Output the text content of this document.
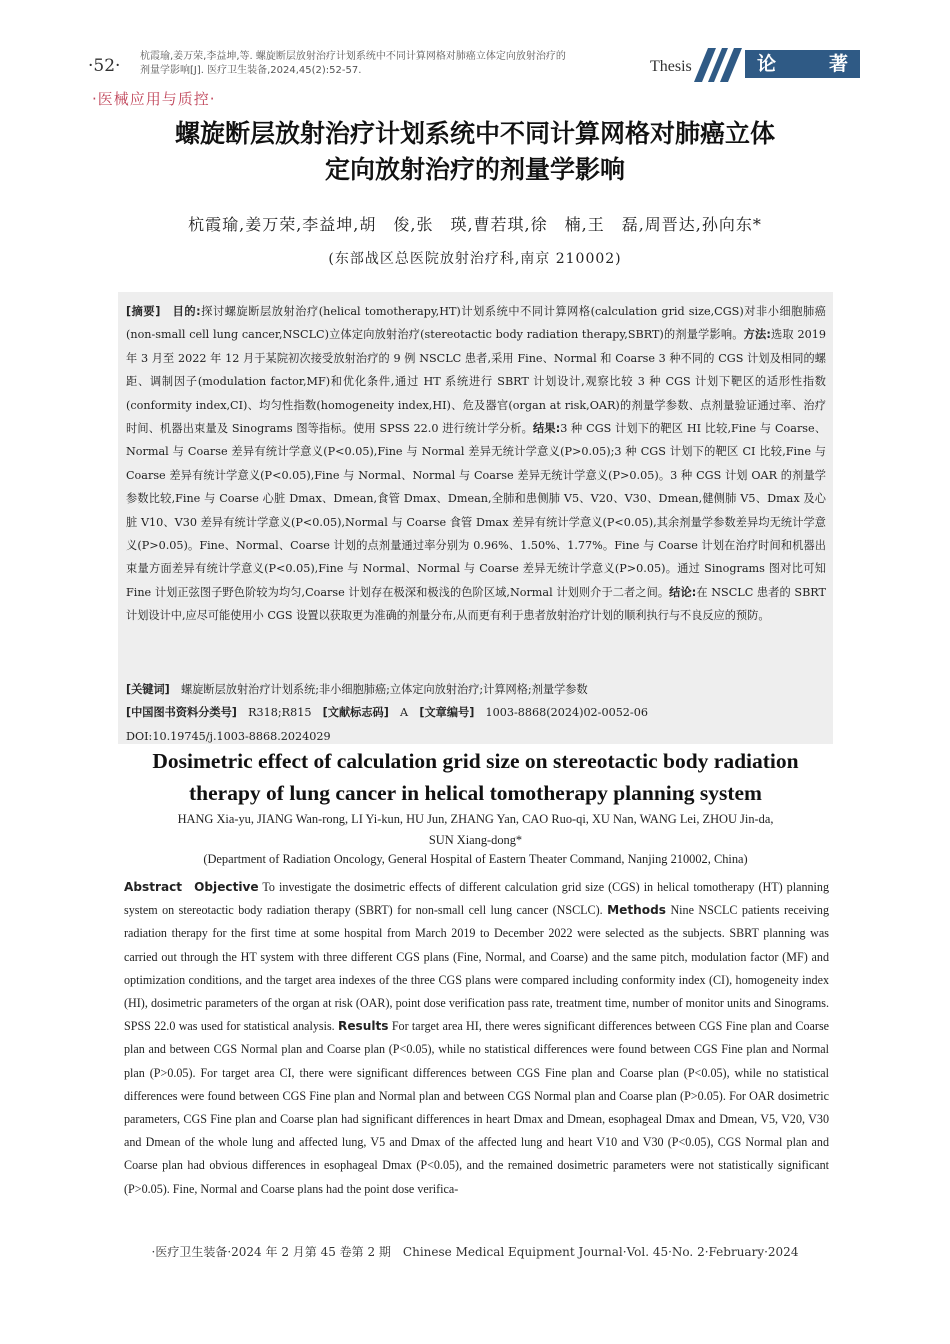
·52· 杭霞瑜,姜万荣,李益坤,等. 螺旋断层放射治疗计划系统中不同计算网格对肺癌立体定向放射治疗的
剂量学影响[J]. 医疗卫生装备,2024,45(2):52-57.	Thesis	论	著
·医械应用与质控·
螺旋断层放射治疗计划系统中不同计算网格对肺癌立体
定向放射治疗的剂量学影响
杭霞瑜,姜万荣,李益坤,胡　俊,张　瑛,曹若琪,徐　楠,王　磊,周晋达,孙向东*
(东部战区总医院放射治疗科,南京 210002)
[摘要]　 目的:探讨螺旋断层放射治疗(helical tomotherapy,HT)计划系统中不同计算网格(calculation grid size,CGS)对非小细胞肺癌(non-small cell lung cancer,NSCLC)立体定向放射治疗(stereotactic body radiation therapy,SBRT)的剂量学影响。方法:选取 2019 年 3 月至 2022 年 12 月于某院初次接受放射治疗的 9 例 NSCLC 患者,采用 Fine、Normal 和 Coarse 3 种不同的 CGS 计划及相同的螺距、调制因子(modulation factor,MF)和优化条件,通过 HT 系统进行 SBRT 计划设计,观察比较 3 种 CGS 计划下靶区的适形性指数(conformity index,CI)、均匀性指数(homogeneity index,HI)、危及器官(organ at risk,OAR)的剂量学参数、点剂量验证通过率、治疗时间、机器出束量及 Sinograms 图等指标。使用 SPSS 22.0 进行统计学分析。结果:3 种 CGS 计划下的靶区 HI 比较,Fine 与 Coarse、Normal 与 Coarse 差异有统计学意义(P<0.05),Fine 与 Normal 差异无统计学意义(P>0.05);3 种 CGS 计划下的靶区 CI 比较,Fine 与 Coarse 差异有统计学意义(P<0.05),Fine 与 Normal、Normal 与 Coarse 差异无统计学意义(P>0.05)。3 种 CGS 计划 OAR 的剂量学参数比较,Fine 与 Coarse 心脏 Dmax、Dmean,食管 Dmax、Dmean,全肺和患侧肺 V5、V20、V30、Dmean,健侧肺 V5、Dmax 及心脏 V10、V30 差异有统计学意义(P<0.05),Normal 与 Coarse 食管 Dmax 差异有统计学意义(P<0.05),其余剂量学参数差异均无统计学意义(P>0.05)。Fine、Normal、Coarse 计划的点剂量通过率分别为 0.96%、1.50%、1.77%。Fine 与 Coarse 计划在治疗时间和机器出束量方面差异有统计学意义(P<0.05),Fine 与 Normal、Normal 与 Coarse 差异无统计学意义(P>0.05)。通过 Sinograms 图对比可知 Fine 计划正弦图子野色阶较为均匀,Coarse 计划存在极深和极浅的色阶区域,Normal 计划则介于二者之间。结论:在 NSCLC 患者的 SBRT 计划设计中,应尽可能使用小 CGS 设置以获取更为准确的剂量分布,从而更有利于患者放射治疗计划的顺利执行与不良反应的预防。
[关键词]　 螺旋断层放射治疗计划系统;非小细胞肺癌;立体定向放射治疗;计算网格;剂量学参数
[中国图书资料分类号]　 R318;R815　 [文献标志码]　 A　 [文章编号]　 1003-8868(2024)02-0052-06
DOI:10.19745/j.1003-8868.2024029
Dosimetric effect of calculation grid size on stereotactic body radiation
therapy of lung cancer in helical tomotherapy planning system
HANG Xia-yu, JIANG Wan-rong, LI Yi-kun, HU Jun, ZHANG Yan, CAO Ruo-qi, XU Nan, WANG Lei, ZHOU Jin-da,
SUN Xiang-dong*
(Department of Radiation Oncology, General Hospital of Eastern Theater Command, Nanjing 210002, China)
Abstract Objective To investigate the dosimetric effects of different calculation grid size (CGS) in helical tomotherapy (HT) planning system on stereotactic body radiation therapy (SBRT) for non-small cell lung cancer (NSCLC). Methods Nine NSCLC patients receiving radiation therapy for the first time at some hospital from March 2019 to December 2022 were selected as the subjects. SBRT planning was carried out through the HT system with three different CGS plans (Fine, Normal, and Coarse) and the same pitch, modulation factor (MF) and optimization conditions, and the target area indexes of the three CGS plans were compared including conformity index (CI), homogeneity index (HI), dosimetric parameters of the organ at risk (OAR), point dose verification pass rate, treatment time, number of monitor units and Sinograms. SPSS 22.0 was used for statistical analysis. Results For target area HI, there weres significant differences between CGS Fine plan and Coarse plan and between CGS Normal plan and Coarse plan (P<0.05), while no statistical differences were found between CGS Fine plan and Normal plan (P>0.05). For target area CI, there were significant differences between CGS Fine plan and Coarse plan (P<0.05), while no statistical differences were found between CGS Fine plan and Normal plan and between CGS Normal plan and Coarse plan (P>0.05). For OAR dosimetric parameters, CGS Fine plan and Coarse plan had significant differences in heart Dmax and Dmean, esophageal Dmax and Dmean, V5, V20, V30 and Dmean of the whole lung and affected lung, V5 and Dmax of the affected lung and heart V10 and V30 (P<0.05), CGS Normal plan and Coarse plan had obvious differences in esophageal Dmax (P<0.05), and the remained dosimetric parameters were not statistically significant (P>0.05). Fine, Normal and Coarse plans had the point dose verifica-
·医疗卫生装备·2024 年 2 月第 45 卷第 2 期　Chinese Medical Equipment Journal·Vol. 45·No. 2·February·2024
